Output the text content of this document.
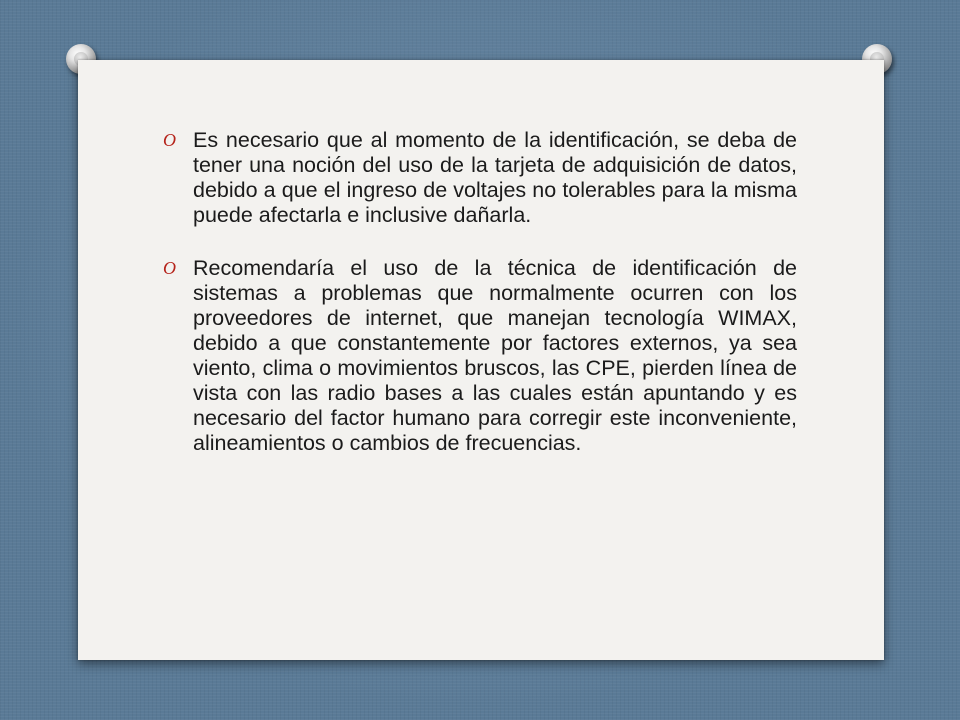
O Es necesario que al momento de la identificación, se deba de tener una noción del uso de la tarjeta de adquisición de datos, debido a que el ingreso de voltajes no tolerables para la misma puede afectarla e inclusive dañarla.
O Recomendaría el uso de la técnica de identificación de sistemas a problemas que normalmente ocurren con los proveedores de internet, que manejan tecnología WIMAX, debido a que constantemente por factores externos, ya sea viento, clima o movimientos bruscos, las CPE, pierden línea de vista con las radio bases a las cuales están apuntando y es necesario del factor humano para corregir este inconveniente, alineamientos o cambios de frecuencias.
